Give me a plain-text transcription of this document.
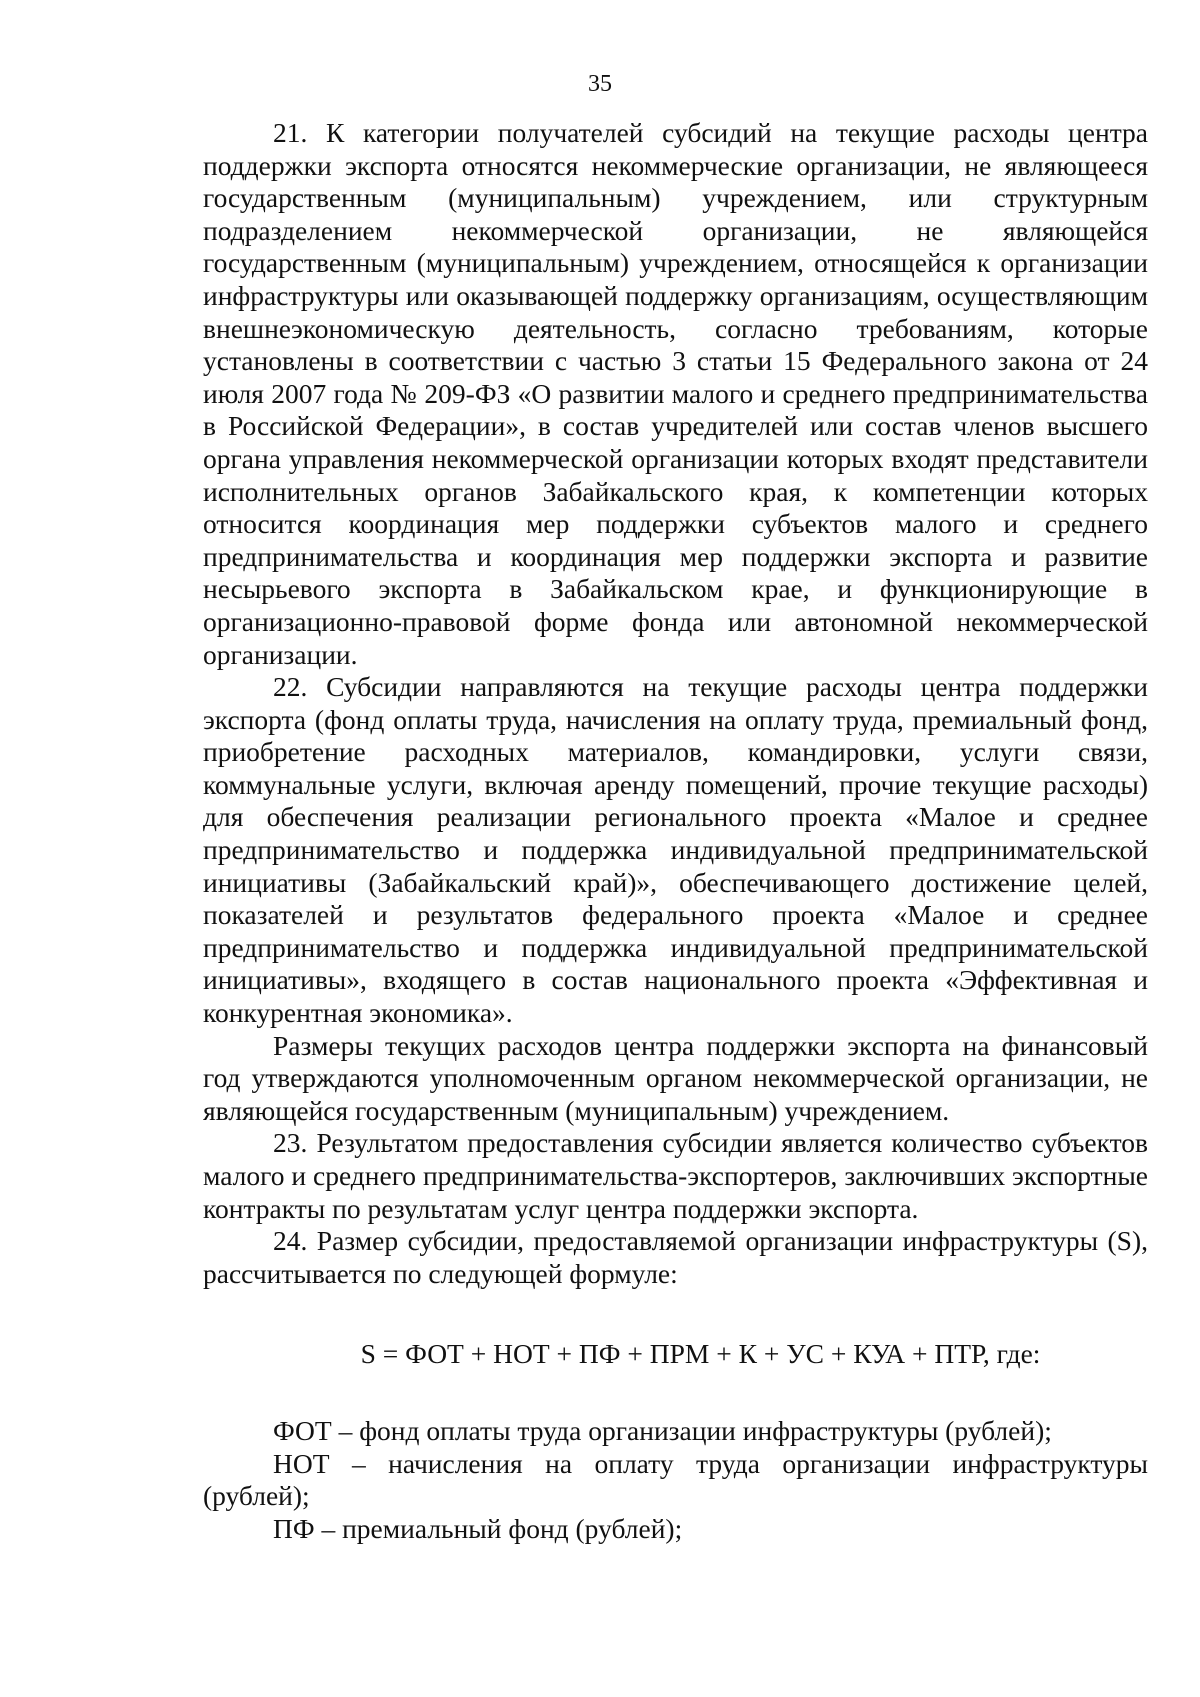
35

21. К категории получателей субсидий на текущие расходы центра поддержки экспорта относятся некоммерческие организации, не являющееся государственным (муниципальным) учреждением, или структурным подразделением некоммерческой организации, не являющейся государственным (муниципальным) учреждением, относящейся к организации инфраструктуры или оказывающей поддержку организациям, осуществляющим внешнеэкономическую деятельность, согласно требованиям, которые установлены в соответствии с частью 3 статьи 15 Федерального закона от 24 июля 2007 года № 209-ФЗ «О развитии малого и среднего предпринимательства в Российской Федерации», в состав учредителей или состав членов высшего органа управления некоммерческой организации которых входят представители исполнительных органов Забайкальского края, к компетенции которых относится координация мер поддержки субъектов малого и среднего предпринимательства и координация мер поддержки экспорта и развитие несырьевого экспорта в Забайкальском крае, и функционирующие в организационно-правовой форме фонда или автономной некоммерческой организации.

22. Субсидии направляются на текущие расходы центра поддержки экспорта (фонд оплаты труда, начисления на оплату труда, премиальный фонд, приобретение расходных материалов, командировки, услуги связи, коммунальные услуги, включая аренду помещений, прочие текущие расходы) для обеспечения реализации регионального проекта «Малое и среднее предпринимательство и поддержка индивидуальной предпринимательской инициативы (Забайкальский край)», обеспечивающего достижение целей, показателей и результатов федерального проекта «Малое и среднее предпринимательство и поддержка индивидуальной предпринимательской инициативы», входящего в состав национального проекта «Эффективная и конкурентная экономика».

Размеры текущих расходов центра поддержки экспорта на финансовый год утверждаются уполномоченным органом некоммерческой организации, не являющейся государственным (муниципальным) учреждением.

23. Результатом предоставления субсидии является количество субъектов малого и среднего предпринимательства-экспортеров, заключивших экспортные контракты по результатам услуг центра поддержки экспорта.

24. Размер субсидии, предоставляемой организации инфраструктуры (S), рассчитывается по следующей формуле:

S = ФОТ + НОТ + ПФ + ПРМ + К + УС + КУА + ПТР, где:

ФОТ – фонд оплаты труда организации инфраструктуры (рублей);

НОТ – начисления на оплату труда организации инфраструктуры (рублей);

ПФ – премиальный фонд (рублей);
